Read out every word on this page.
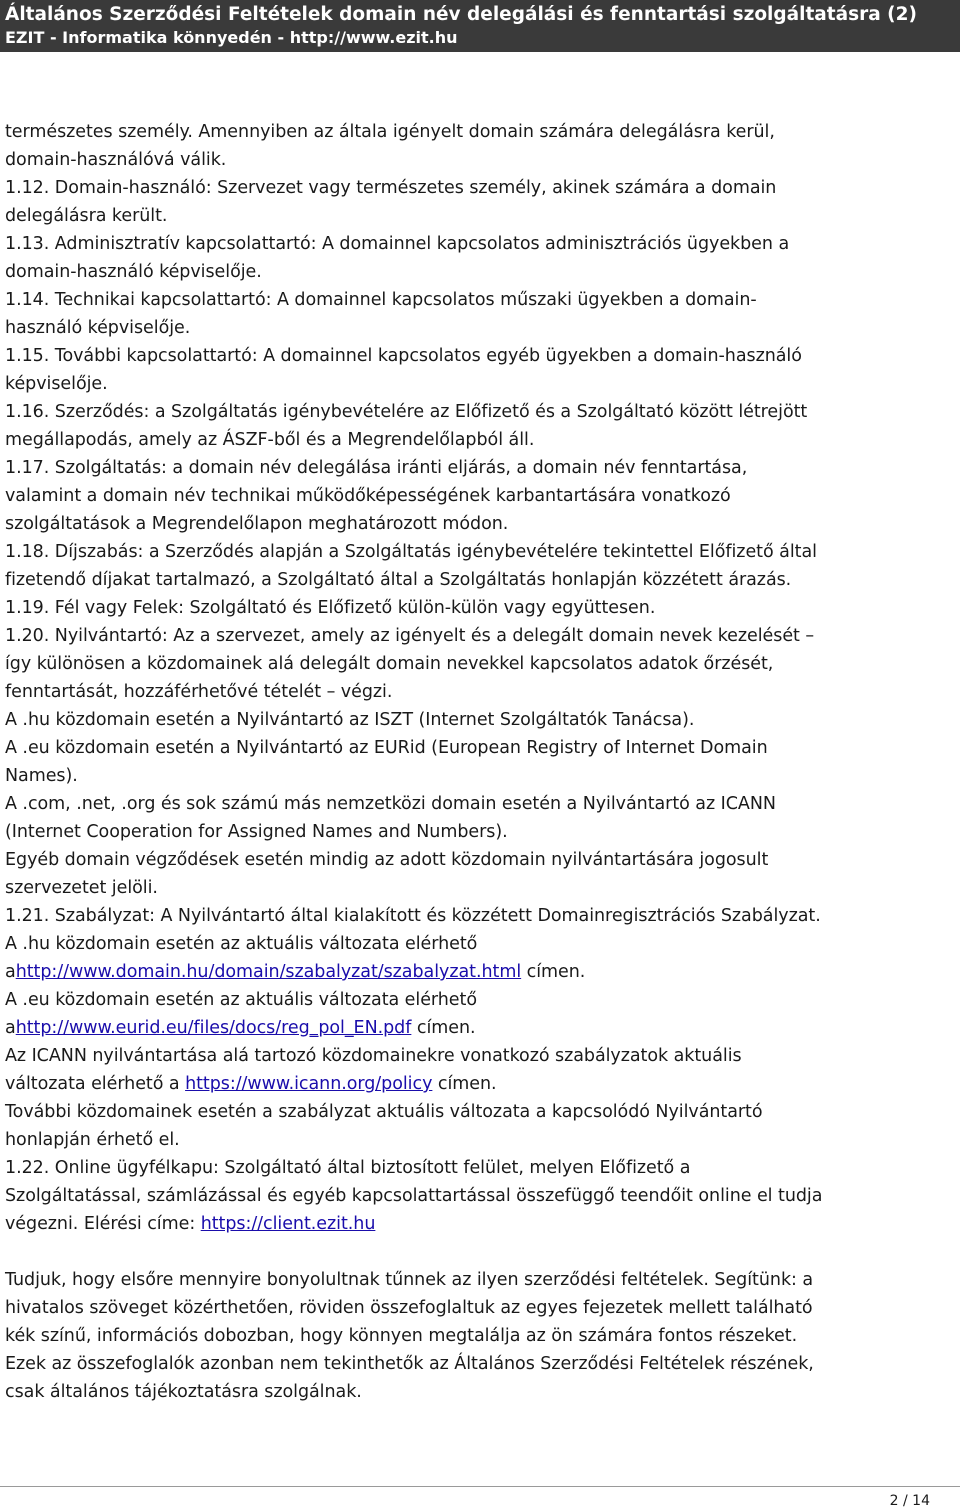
Általános Szerződési Feltételek domain név delegálási és fenntartási szolgáltatásra (2)
EZIT - Informatika könnyedén - http://www.ezit.hu

természetes személy. Amennyiben az általa igényelt domain számára delegálásra kerül,

domain-használóvá válik.

1.12. Domain-használó: Szervezet vagy természetes személy, akinek számára a domain

delegálásra került.

1.13. Adminisztratív kapcsolattartó: A domainnel kapcsolatos adminisztrációs ügyekben a

domain-használó képviselője.

1.14. Technikai kapcsolattartó: A domainnel kapcsolatos műszaki ügyekben a domain-

használó képviselője.

1.15. További kapcsolattartó: A domainnel kapcsolatos egyéb ügyekben a domain-használó

képviselője.

1.16. Szerződés: a Szolgáltatás igénybevételére az Előfizető és a Szolgáltató között létrejött

megállapodás, amely az ÁSZF-ből és a Megrendelőlapból áll.

1.17. Szolgáltatás: a domain név delegálása iránti eljárás, a domain név fenntartása,

valamint a domain név technikai működőképességének karbantartására vonatkozó

szolgáltatások a Megrendelőlapon meghatározott módon.

1.18. Díjszabás: a Szerződés alapján a Szolgáltatás igénybevételére tekintettel Előfizető által

fizetendő díjakat tartalmazó, a Szolgáltató által a Szolgáltatás honlapján közzétett árazás.

1.19. Fél vagy Felek: Szolgáltató és Előfizető külön-külön vagy együttesen.

1.20. Nyilvántartó: Az a szervezet, amely az igényelt és a delegált domain nevek kezelését –

így különösen a közdomainek alá delegált domain nevekkel kapcsolatos adatok őrzését,

fenntartását, hozzáférhetővé tételét – végzi.

A .hu közdomain esetén a Nyilvántartó az ISZT (Internet Szolgáltatók Tanácsa).

A .eu közdomain esetén a Nyilvántartó az EURid (European Registry of Internet Domain

Names).

A .com, .net, .org és sok számú más nemzetközi domain esetén a Nyilvántartó az ICANN

(Internet Cooperation for Assigned Names and Numbers).

Egyéb domain végződések esetén mindig az adott közdomain nyilvántartására jogosult

szervezetet jelöli.

1.21. Szabályzat: A Nyilvántartó által kialakított és közzétett Domainregisztrációs Szabályzat.

A .hu közdomain esetén az aktuális változata elérhető

ahttp://www.domain.hu/domain/szabalyzat/szabalyzat.html címen.

A .eu közdomain esetén az aktuális változata elérhető

ahttp://www.eurid.eu/files/docs/reg_pol_EN.pdf címen.

Az ICANN nyilvántartása alá tartozó közdomainekre vonatkozó szabályzatok aktuális

változata elérhető a https://www.icann.org/policy címen.

További közdomainek esetén a szabályzat aktuális változata a kapcsolódó Nyilvántartó

honlapján érhető el.

1.22. Online ügyfélkapu: Szolgáltató által biztosított felület, melyen Előfizető a

Szolgáltatással, számlázással és egyéb kapcsolattartással összefüggő teendőit online el tudja

végezni. Elérési címe: https://client.ezit.hu

Tudjuk, hogy elsőre mennyire bonyolultnak tűnnek az ilyen szerződési feltételek. Segítünk: a

hivatalos szöveget közérthetően, röviden összefoglaltuk az egyes fejezetek mellett található

kék színű, információs dobozban, hogy könnyen megtalálja az ön számára fontos részeket.

Ezek az összefoglalók azonban nem tekinthetők az Általános Szerződési Feltételek részének,

csak általános tájékoztatásra szolgálnak.

2 / 14
